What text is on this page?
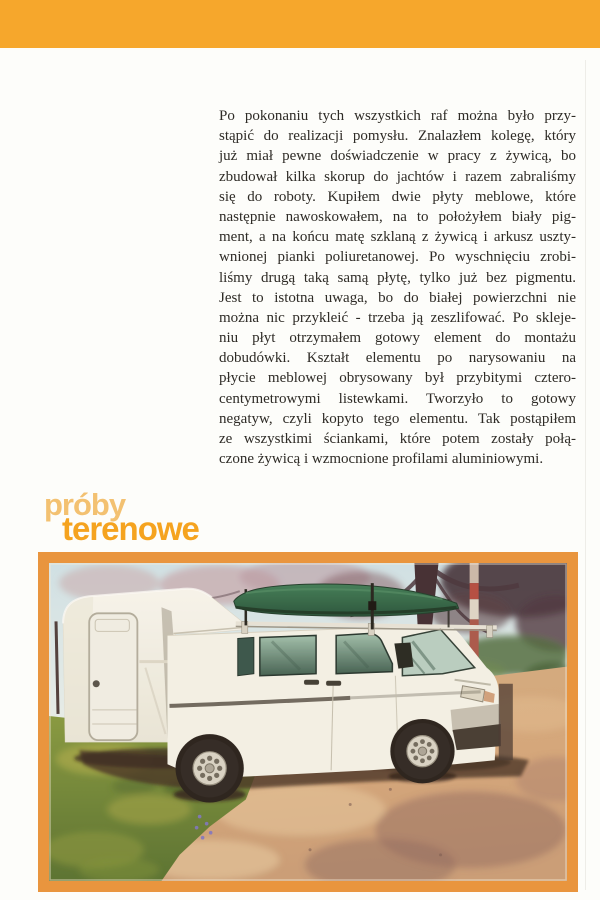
Po pokonaniu tych wszystkich raf można było przy-
stąpić do realizacji pomysłu. Znalazłem kolegę, który
już miał pewne doświadczenie w pracy z żywicą, bo
zbudował kilka skorup do jachtów i razem zabraliśmy
się do roboty. Kupiłem dwie płyty meblowe, które
następnie nawoskowałem, na to położyłem biały pig-
ment, a na końcu matę szklaną z żywicą i arkusz uszty-
wnionej pianki poliuretanowej. Po wyschnięciu zrobi-
liśmy drugą taką samą płytę, tylko już bez pigmentu.
Jest to istotna uwaga, bo do białej powierzchni nie
można nic przykleić - trzeba ją zeszlifować. Po skleje-
niu płyt otrzymałem gotowy element do montażu
dobudówki. Kształt elementu po narysowaniu na
płycie meblowej obrysowany był przybitymi cztero-
centymetrowymi listewkami. Tworzyło to gotowy
negatyw, czyli kopyto tego elementu. Tak postąpiłem
ze wszystkimi ściankami, które potem zostały połą-
czone żywicą i wzmocnione profilami aluminiowymi.
próby
terenowe
